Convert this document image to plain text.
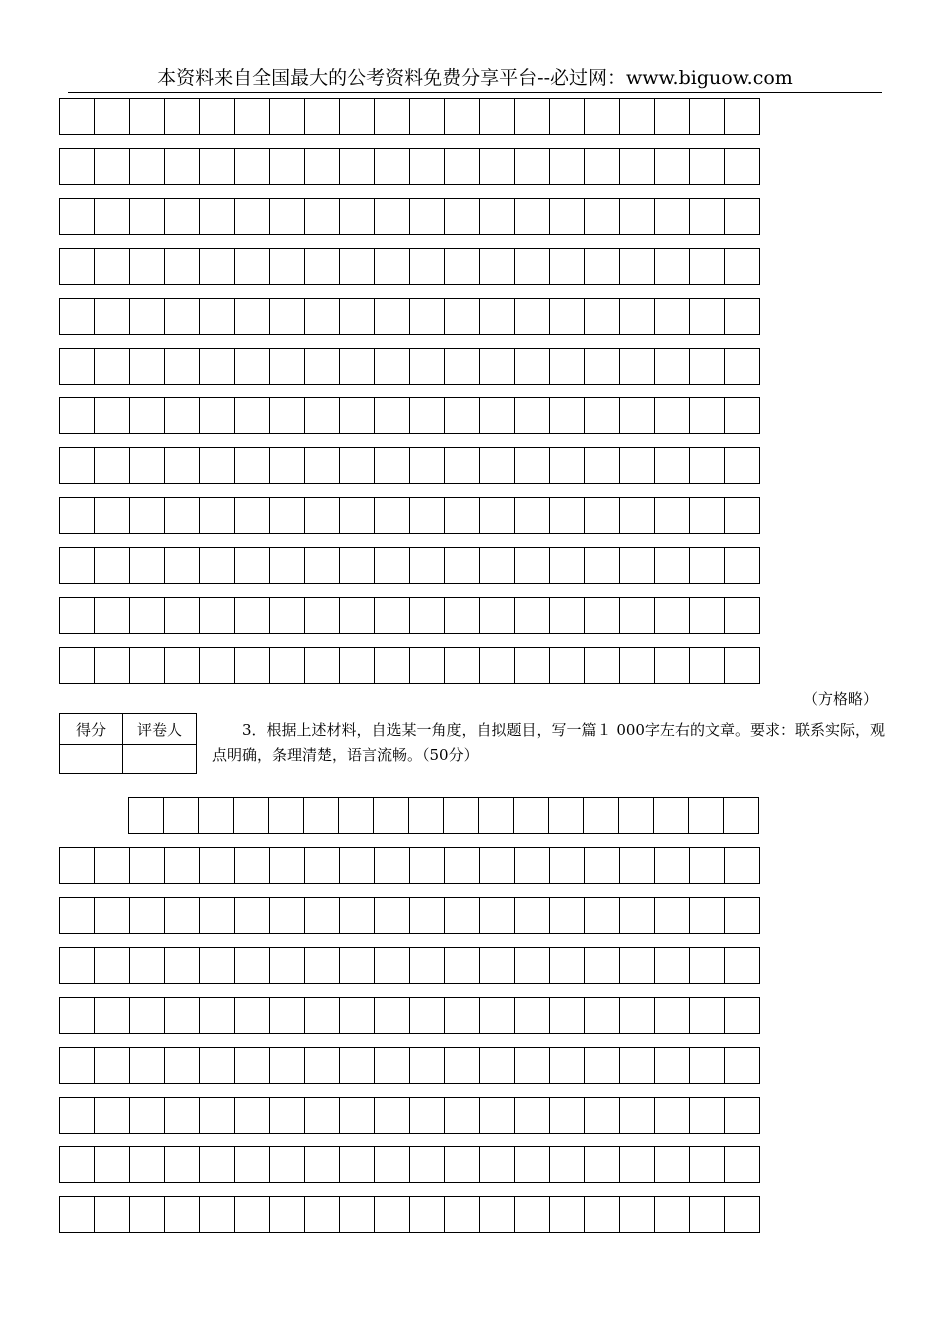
本资料来自全国最大的公考资料免费分享平台--必过网：www.biguow.com
（方格略）
得分	评卷人
		3．根据上述材料，自选某一角度，自拟题目，写一篇１ 000字左右的文章。要求：联系实际，观点明确，条理清楚，语言流畅。（50分）
